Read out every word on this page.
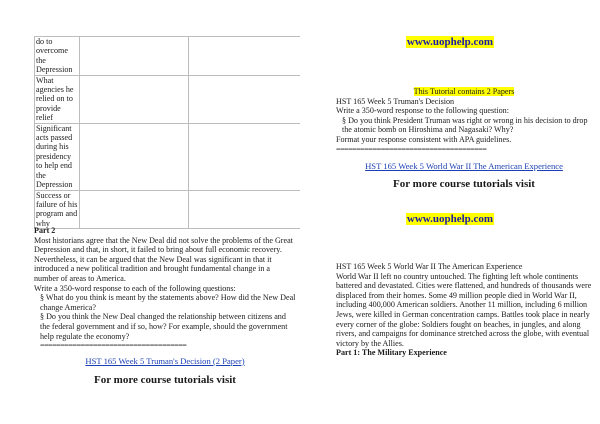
do to overcome the Depression		
What agencies he relied on to provide relief		
Significant acts passed during his presidency to help end the Depression		
Success or failure of his program and why		

Part 2

Most historians agree that the New Deal did not solve the problems of the Great Depression and that, in short, it failed to bring about full economic recovery. Nevertheless, it can be argued that the New Deal was significant in that it introduced a new political tradition and brought fundamental change in a number of areas to America.

Write a 350-word response to each of the following questions:

§ What do you think is meant by the statements above? How did the New Deal change America?

§ Do you think the New Deal changed the relationship between citizens and the federal government and if so, how? For example, should the government help regulate the economy?

====================================

HST 165 Week 5 Truman's Decision (2 Paper)

For more course tutorials visit

www.uophelp.com

This Tutorial contains 2 Papers

HST 165 Week 5 Truman's Decision

Write a 350-word response to the following question:

§ Do you think President Truman was right or wrong in his decision to drop the atomic bomb on Hiroshima and Nagasaki? Why?

Format your response consistent with APA guidelines.

=====================================

HST 165 Week 5 World War II The American Experience

For more course tutorials visit

www.uophelp.com

HST 165 Week 5 World War II The American Experience

World War II left no country untouched. The fighting left whole continents battered and devastated. Cities were flattened, and hundreds of thousands were displaced from their homes. Some 49 million people died in World War II, including 400,000 American soldiers. Another 11 million, including 6 million Jews, were killed in German concentration camps. Battles took place in nearly every corner of the globe: Soldiers fought on beaches, in jungles, and along rivers, and campaigns for dominance stretched across the globe, with eventual victory by the Allies.

Part 1: The Military Experience
